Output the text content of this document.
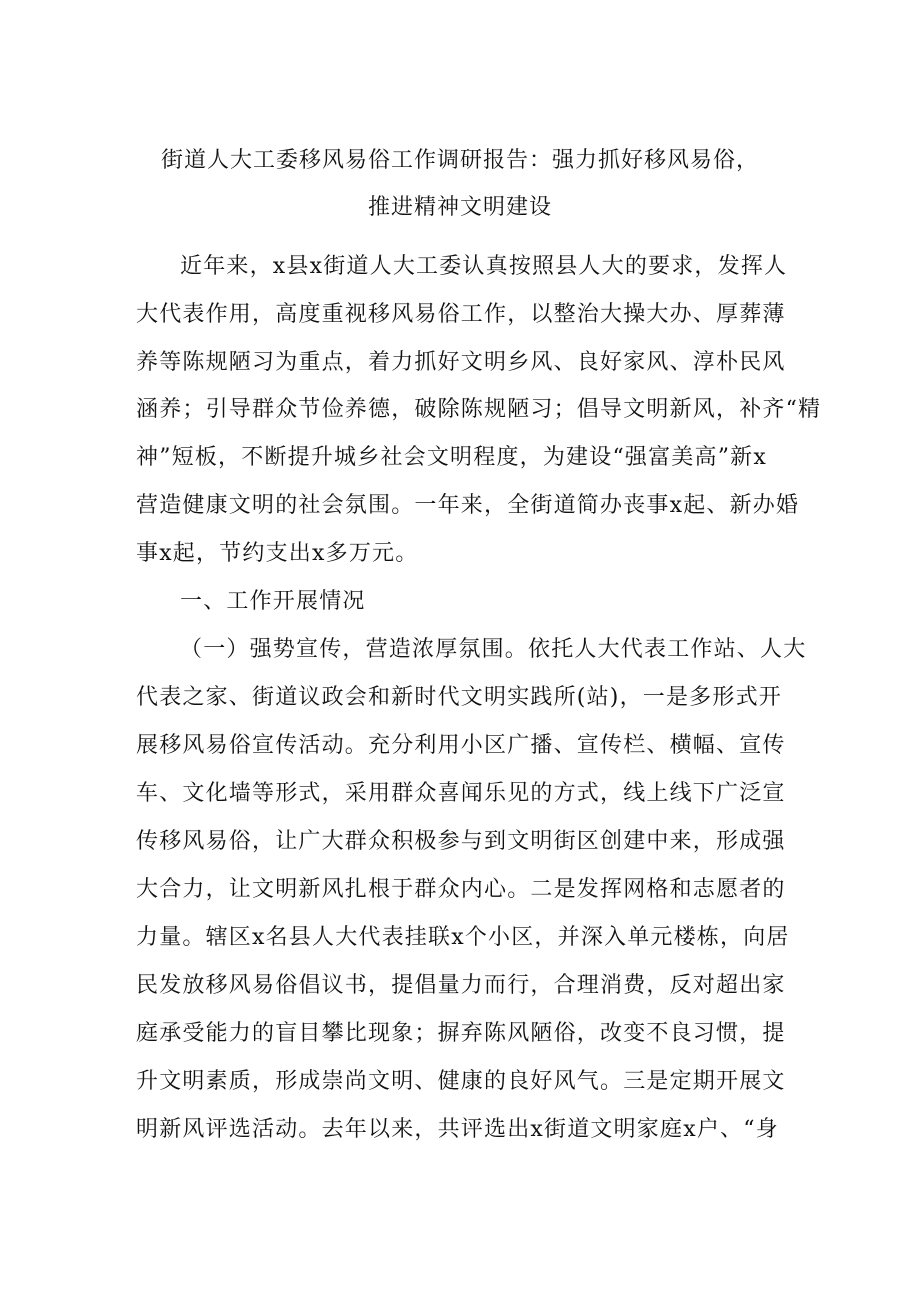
街道人大工委移风易俗工作调研报告：强力抓好移风易俗，
推进精神文明建设
近年来，x县x街道人大工委认真按照县人大的要求，发挥人
大代表作用，高度重视移风易俗工作，以整治大操大办、厚葬薄
养等陈规陋习为重点，着力抓好文明乡风、良好家风、淳朴民风
涵养；引导群众节俭养德，破除陈规陋习；倡导文明新风，补齐“精
神”短板，不断提升城乡社会文明程度，为建设“强富美高”新x
营造健康文明的社会氛围。一年来，全街道简办丧事x起、新办婚
事x起，节约支出x多万元。
一、工作开展情况
（一）强势宣传，营造浓厚氛围。依托人大代表工作站、人大
代表之家、街道议政会和新时代文明实践所(站)，一是多形式开
展移风易俗宣传活动。充分利用小区广播、宣传栏、横幅、宣传
车、文化墙等形式，采用群众喜闻乐见的方式，线上线下广泛宣
传移风易俗，让广大群众积极参与到文明街区创建中来，形成强
大合力，让文明新风扎根于群众内心。二是发挥网格和志愿者的
力量。辖区x名县人大代表挂联x个小区，并深入单元楼栋，向居
民发放移风易俗倡议书，提倡量力而行，合理消费，反对超出家
庭承受能力的盲目攀比现象；摒弃陈风陋俗，改变不良习惯，提
升文明素质，形成崇尚文明、健康的良好风气。三是定期开展文
明新风评选活动。去年以来，共评选出x街道文明家庭x户、“身
